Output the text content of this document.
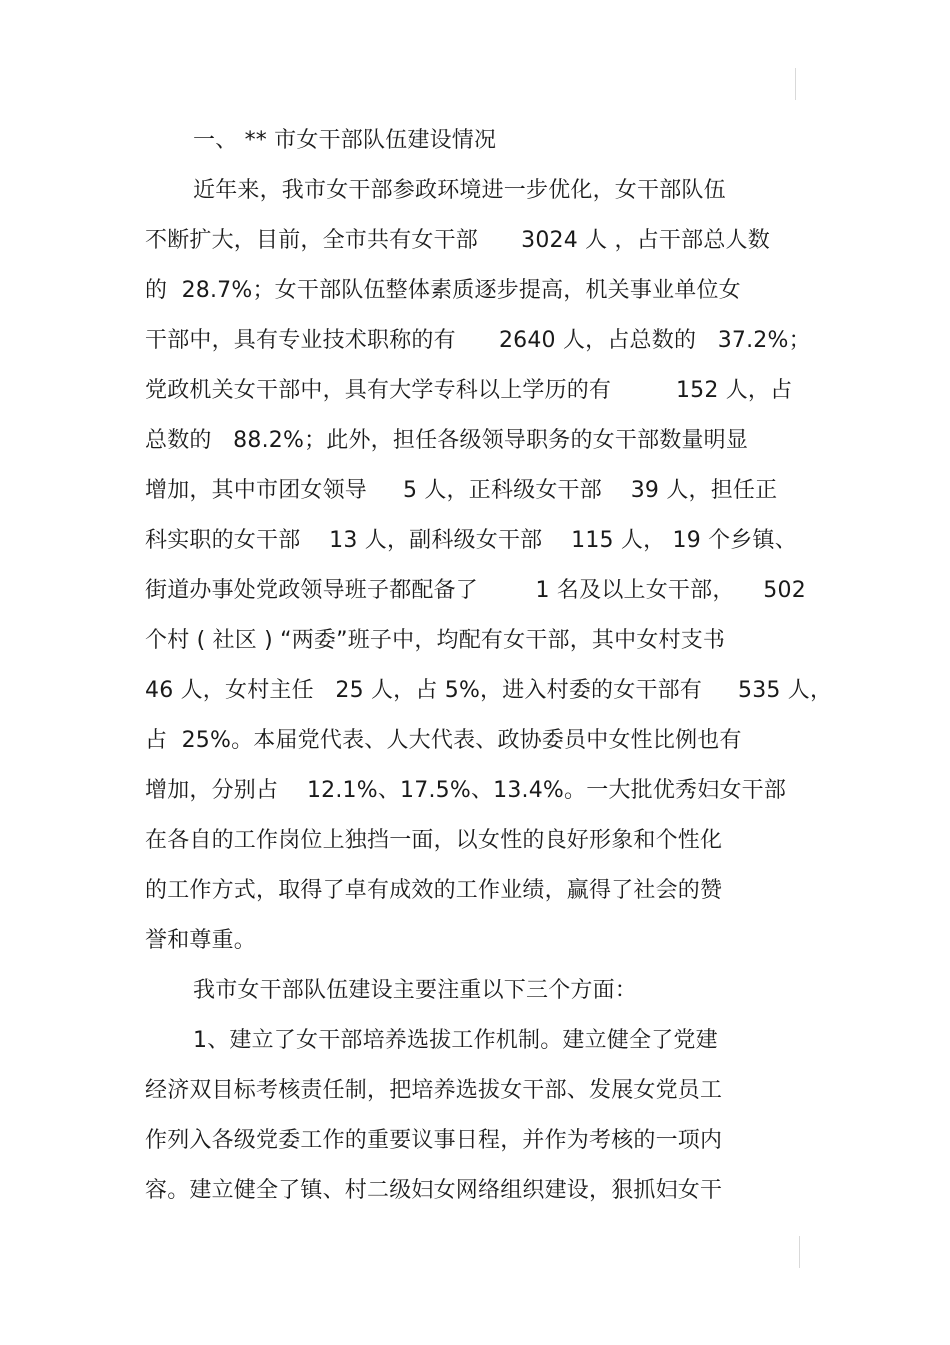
一、 ** 市女干部队伍建设情况
近年来，我市女干部参政环境进一步优化，女干部队伍
不断扩大，目前，全市共有女干部      3024 人 ，占干部总人数
的  28.7%；女干部队伍整体素质逐步提高，机关事业单位女
干部中，具有专业技术职称的有      2640 人，占总数的   37.2%；
党政机关女干部中，具有大学专科以上学历的有         152 人，占
总数的   88.2%；此外，担任各级领导职务的女干部数量明显
增加，其中市团女领导     5 人，正科级女干部    39 人，担任正
科实职的女干部    13 人，副科级女干部    115 人， 19 个乡镇、
街道办事处党政领导班子都配备了        1 名及以上女干部，    502
个村 ( 社区 ) “两委”班子中，均配有女干部，其中女村支书
46 人，女村主任   25 人，占 5%，进入村委的女干部有     535 人，
占  25%。本届党代表、人大代表、政协委员中女性比例也有
增加，分别占    12.1%、17.5%、13.4%。一大批优秀妇女干部
在各自的工作岗位上独挡一面，以女性的良好形象和个性化
的工作方式，取得了卓有成效的工作业绩，赢得了社会的赞
誉和尊重。
我市女干部队伍建设主要注重以下三个方面：
1、建立了女干部培养选拔工作机制。建立健全了党建
经济双目标考核责任制，把培养选拔女干部、发展女党员工
作列入各级党委工作的重要议事日程，并作为考核的一项内
容。建立健全了镇、村二级妇女网络组织建设，狠抓妇女干
